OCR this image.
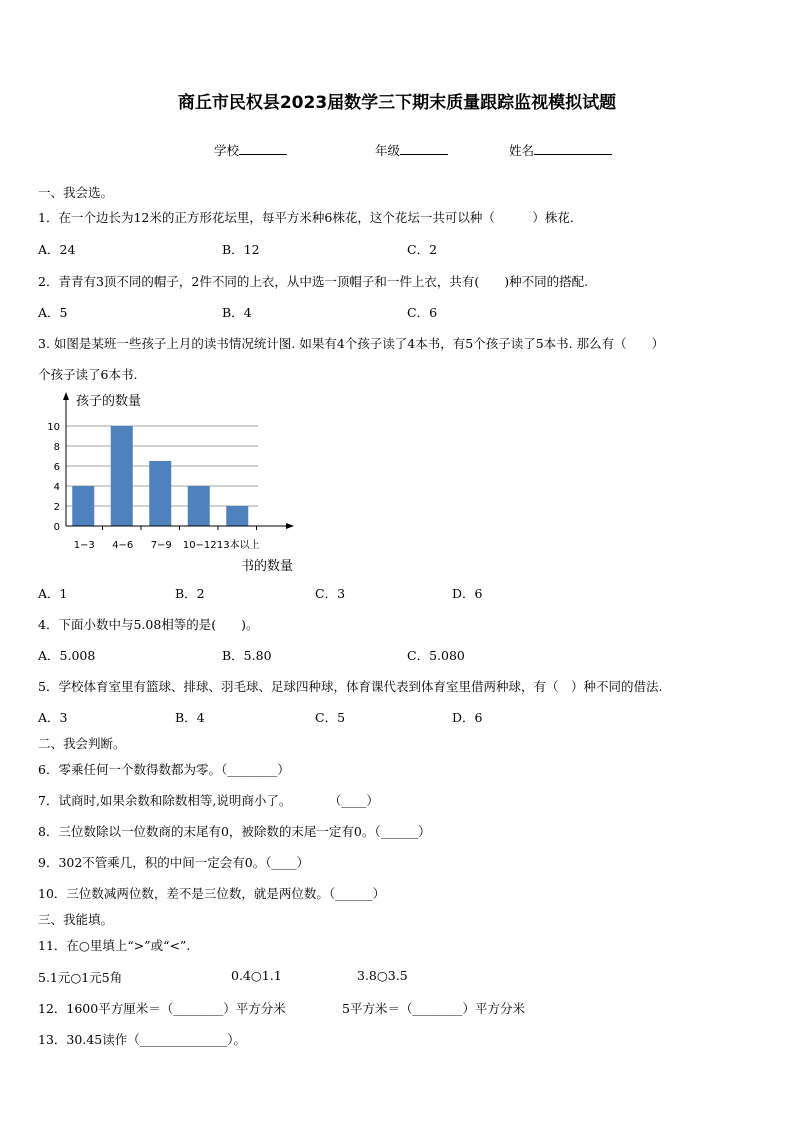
商丘市民权县2023届数学三下期末质量跟踪监视模拟试题
学校	年级	姓名
一、我会选。
1．在一个边长为12米的正方形花坛里，每平方米种6株花，这个花坛一共可以种（　　　）株花.
A．24	B．12	C．2
2．青青有3顶不同的帽子，2件不同的上衣，从中选一顶帽子和一件上衣，共有(　　)种不同的搭配.
A．5	B．4	C．6
3. 如图是某班一些孩子上月的读书情况统计图. 如果有4个孩子读了4本书，有5个孩子读了5本书. 那么有（　　）
个孩子读了6本书.
孩子的数量
0
2
4
6
8
10
1−3 4−6 7−9 10−12 13本以上
书的数量
A．1	B．2	C．3	D．6
4．下面小数中与5.08相等的是(　　)。
A．5.008	B．5.80	C．5.080
5．学校体育室里有篮球、排球、羽毛球、足球四种球，体育课代表到体育室里借两种球，有（　）种不同的借法.
A．3	B．4	C．5	D．6
二、我会判断。
6．零乘任何一个数得数都为零。（________）
7．试商时,如果余数和除数相等,说明商小了。　　　　（____）
8．三位数除以一位数商的末尾有0，被除数的末尾一定有0。（______）
9．302不管乘几，积的中间一定会有0。（____）
10．三位数减两位数，差不是三位数，就是两位数。（______）
三、我能填。
11．在○里填上“>”或“<”.
5.1元○1元5角	0.4○1.1	3.8○3.5
12．1600平方厘米＝（________）平方分米	5平方米＝（________）平方分米
13．30.45读作（______________）。
